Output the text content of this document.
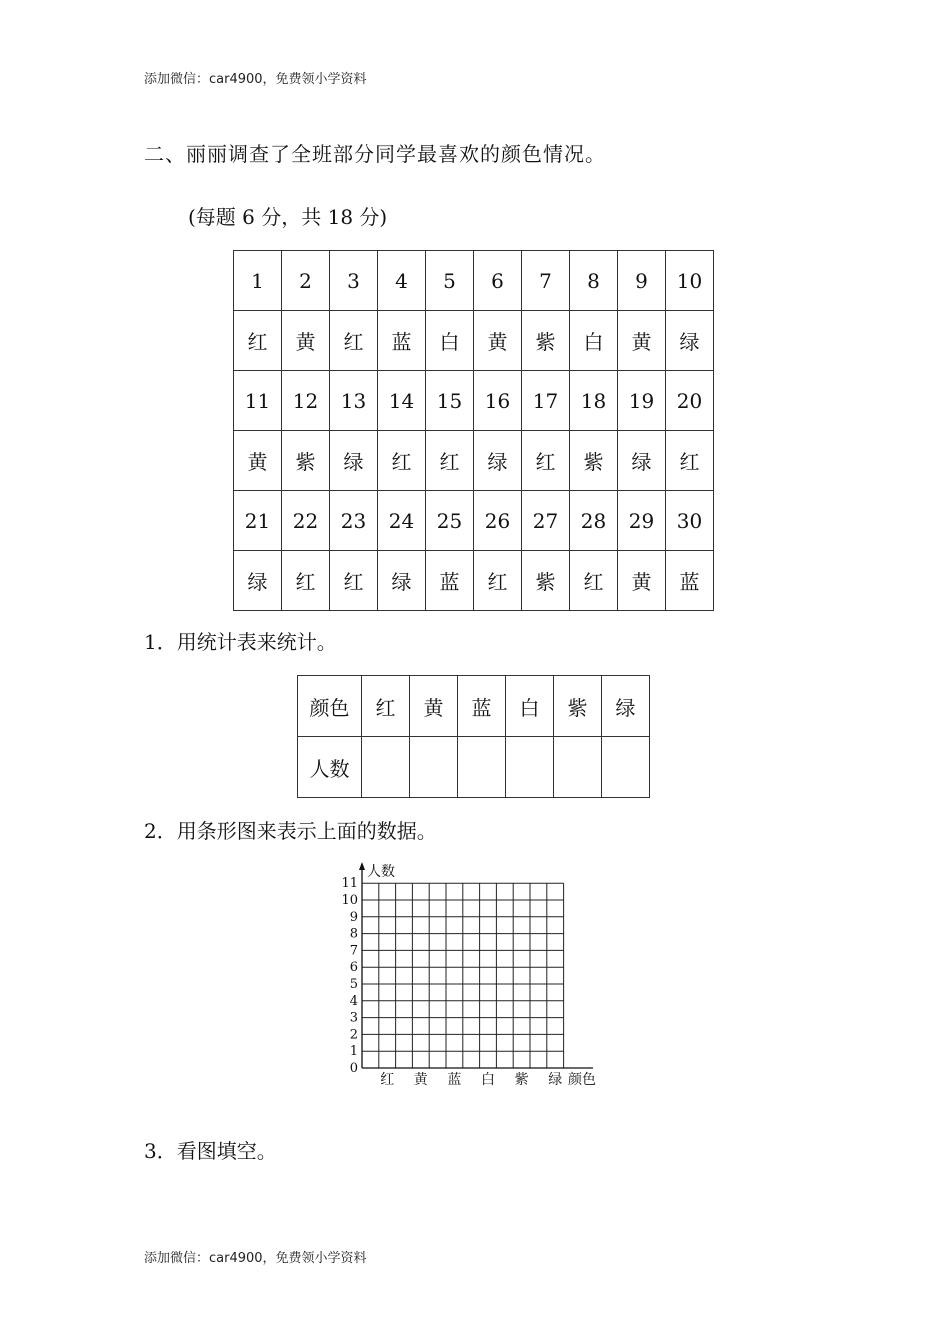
添加微信：car4900，免费领小学资料
二、丽丽调查了全班部分同学最喜欢的颜色情况。
(每题 6 分，共 18 分)
1	2	3	4	5	6	7	8	9	10
红	黄	红	蓝	白	黄	紫	白	黄	绿
11	12	13	14	15	16	17	18	19	20
黄	紫	绿	红	红	绿	红	紫	绿	红
21	22	23	24	25	26	27	28	29	30
绿	红	红	绿	蓝	红	紫	红	黄	蓝
1．用统计表来统计。
颜色	红	黄	蓝	白	紫	绿
人数						
2．用条形图来表示上面的数据。
人数
0
1
2
3
4
5
6
7
8
9
10
11
红 黄 蓝 白 紫 绿 颜色
3．看图填空。
添加微信：car4900，免费领小学资料
